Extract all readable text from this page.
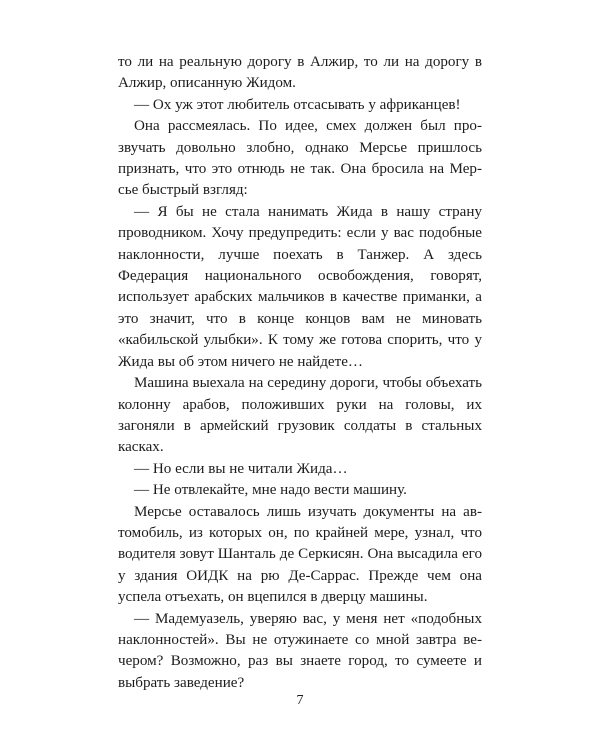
то ли на реальную дорогу в Алжир, то ли на дорогу в Алжир, описанную Жидом.

— Ох уж этот любитель отсасывать у африканцев!

Она рассмеялась. По идее, смех должен был прозвучать довольно злобно, однако Мерсье пришлось признать, что это отнюдь не так. Она бросила на Мерсье быстрый взгляд:

— Я бы не стала нанимать Жида в нашу страну проводником. Хочу предупредить: если у вас подобные наклонности, лучше поехать в Танжер. А здесь Федерация национального освобождения, говорят, использует арабских мальчиков в качестве приманки, а это значит, что в конце концов вам не миновать «кабильской улыбки». К тому же готова спорить, что у Жида вы об этом ничего не найдете…

Машина выехала на середину дороги, чтобы объехать колонну арабов, положивших руки на головы, их загоняли в армейский грузовик солдаты в стальных касках.

— Но если вы не читали Жида…

— Не отвлекайте, мне надо вести машину.

Мерсье оставалось лишь изучать документы на автомобиль, из которых он, по крайней мере, узнал, что водителя зовут Шанталь де Серкисян. Она высадила его у здания ОИДК на рю Де-Саррас. Прежде чем она успела отъехать, он вцепился в дверцу машины.

— Мадемуазель, уверяю вас, у меня нет «подобных наклонностей». Вы не отужинаете со мной завтра вечером? Возможно, раз вы знаете город, то сумеете и выбрать заведение?

7
